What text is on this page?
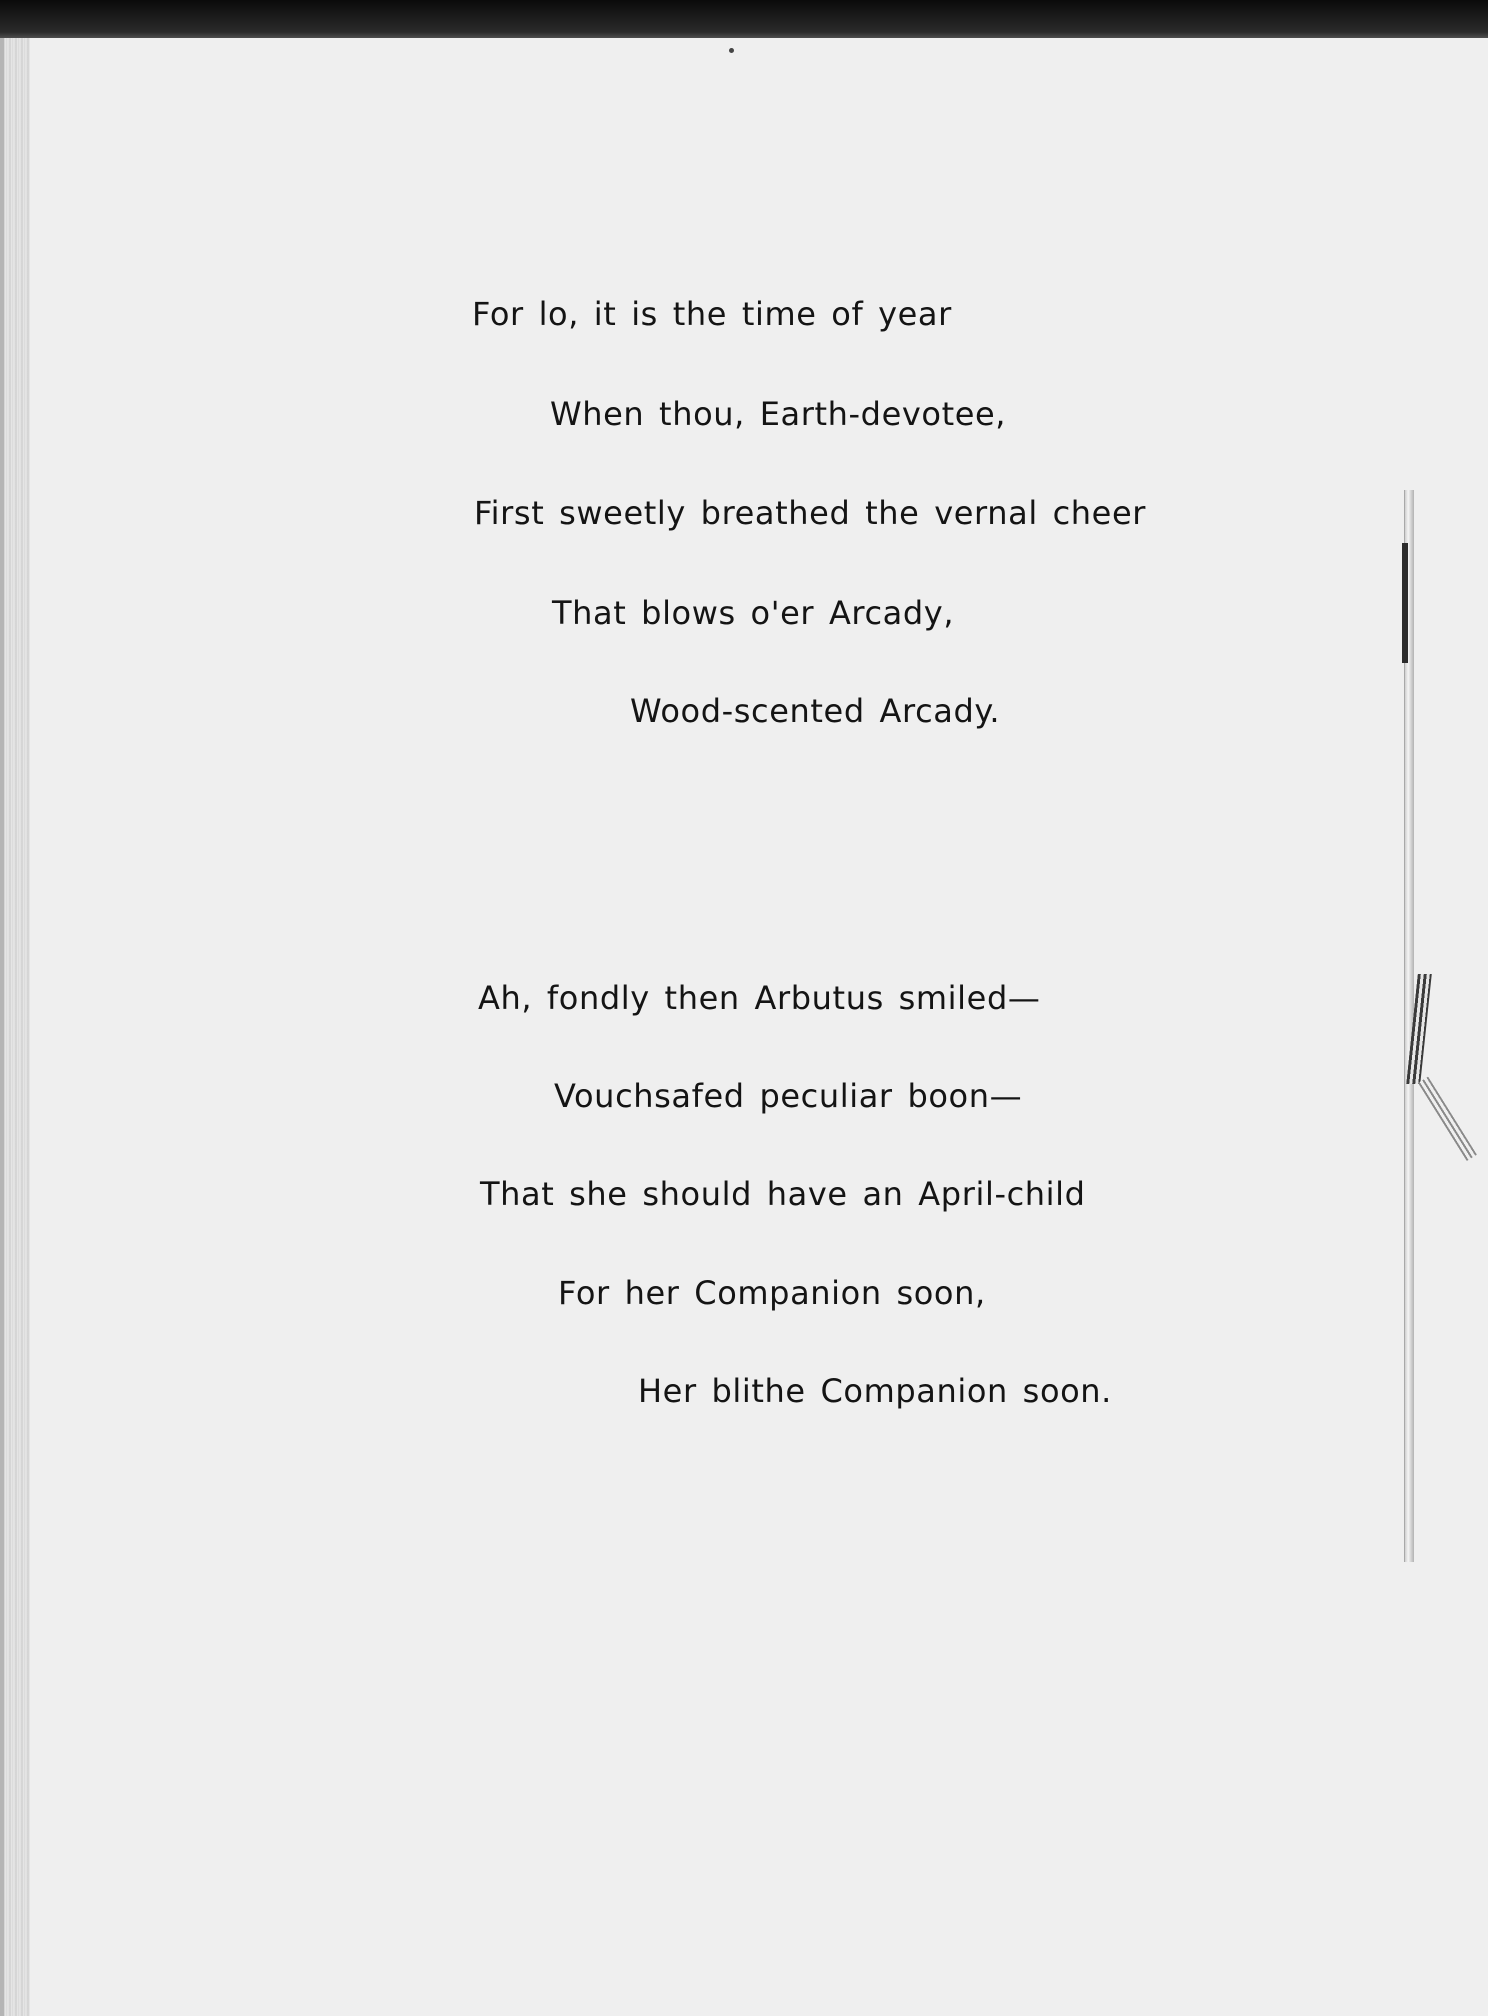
For lo, it is the time of year
When thou, Earth-devotee,
First sweetly breathed the vernal cheer
That blows o'er Arcady,
Wood-scented Arcady.
Ah, fondly then Arbutus smiled—
Vouchsafed peculiar boon—
That she should have an April-child
For her Companion soon,
Her blithe Companion soon.
